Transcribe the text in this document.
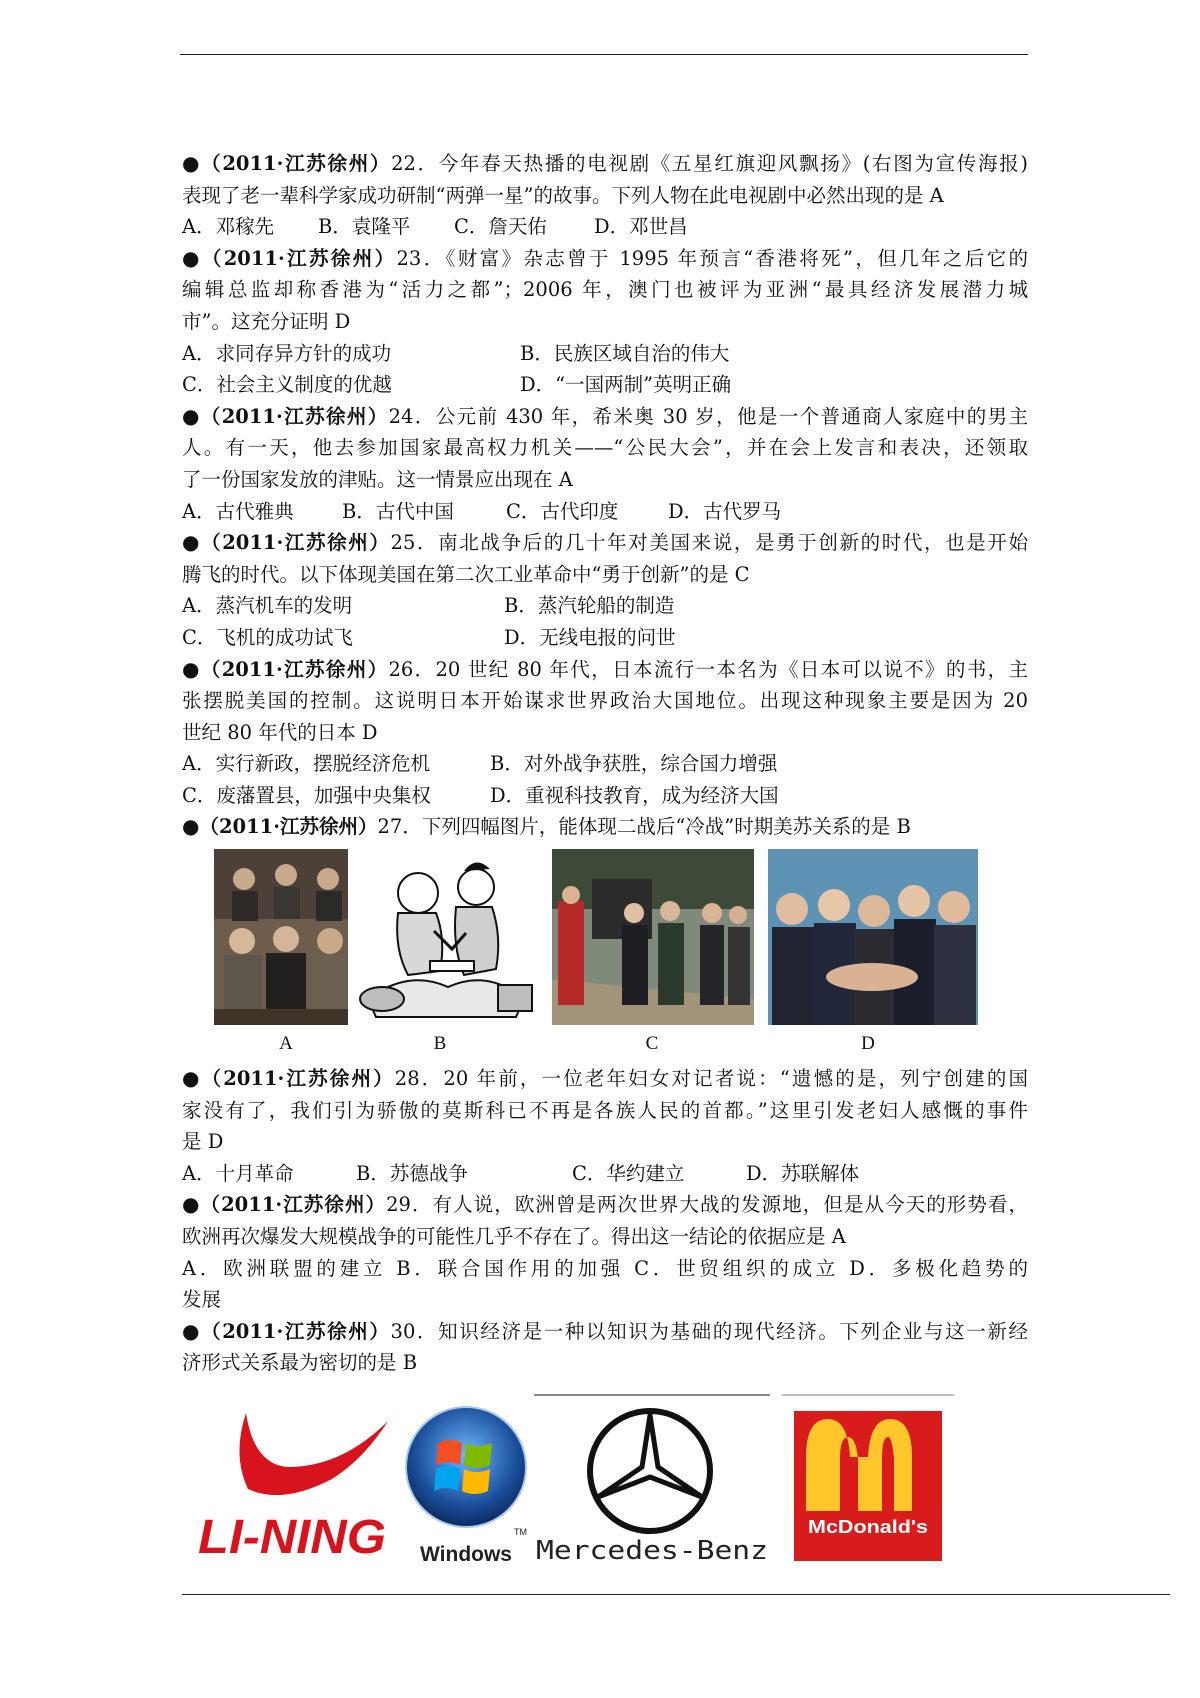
●（2011·江苏徐州）22．今年春天热播的电视剧《五星红旗迎风飘扬》(右图为宣传海报)
表现了老一辈科学家成功研制“两弹一星”的故事。下列人物在此电视剧中必然出现的是 A
A．邓稼先 B．袁隆平 C．詹天佑 D．邓世昌
●（2011·江苏徐州）23．《财富》杂志曾于 1995 年预言“香港将死”，但几年之后它的
编辑总监却称香港为“活力之都”；2006 年，澳门也被评为亚洲“最具经济发展潜力城
市”。这充分证明 D
A．求同存异方针的成功	B．民族区域自治的伟大
C．社会主义制度的优越	D．“一国两制”英明正确
●（2011·江苏徐州）24．公元前 430 年，希米奥 30 岁，他是一个普通商人家庭中的男主
人。有一天，他去参加国家最高权力机关——“公民大会”，并在会上发言和表决，还领取
了一份国家发放的津贴。这一情景应出现在 A
A．古代雅典 B．古代中国	C．古代印度	D．古代罗马
●（2011·江苏徐州）25．南北战争后的几十年对美国来说，是勇于创新的时代，也是开始
腾飞的时代。以下体现美国在第二次工业革命中“勇于创新”的是 C
A．蒸汽机车的发明	B．蒸汽轮船的制造
C．飞机的成功试飞	D．无线电报的问世
●（2011·江苏徐州）26．20 世纪 80 年代，日本流行一本名为《日本可以说不》的书，主
张摆脱美国的控制。这说明日本开始谋求世界政治大国地位。出现这种现象主要是因为 20
世纪 80 年代的日本 D
A．实行新政，摆脱经济危机	B．对外战争获胜，综合国力增强
C．废藩置县，加强中央集权	D．重视科技教育，成为经济大国
●（2011·江苏徐州）27．下列四幅图片，能体现二战后“冷战”时期美苏关系的是 B
A	B	C	D
●（2011·江苏徐州）28．20 年前，一位老年妇女对记者说：“遗憾的是，列宁创建的国
家没有了，我们引为骄傲的莫斯科已不再是各族人民的首都。”这里引发老妇人感慨的事件
是 D
A．十月革命	B．苏德战争	C．华约建立	D．苏联解体
●（2011·江苏徐州）29．有人说，欧洲曾是两次世界大战的发源地，但是从今天的形势看，
欧洲再次爆发大规模战争的可能性几乎不存在了。得出这一结论的依据应是 A
A．欧洲联盟的建立 B．联合国作用的加强 C．世贸组织的成立 D．多极化趋势的
发展
●（2011·江苏徐州）30．知识经济是一种以知识为基础的现代经济。下列企业与这一新经
济形式关系最为密切的是 B
LI-NING	TM
Windows Mercedes-Benz
McDonald's
